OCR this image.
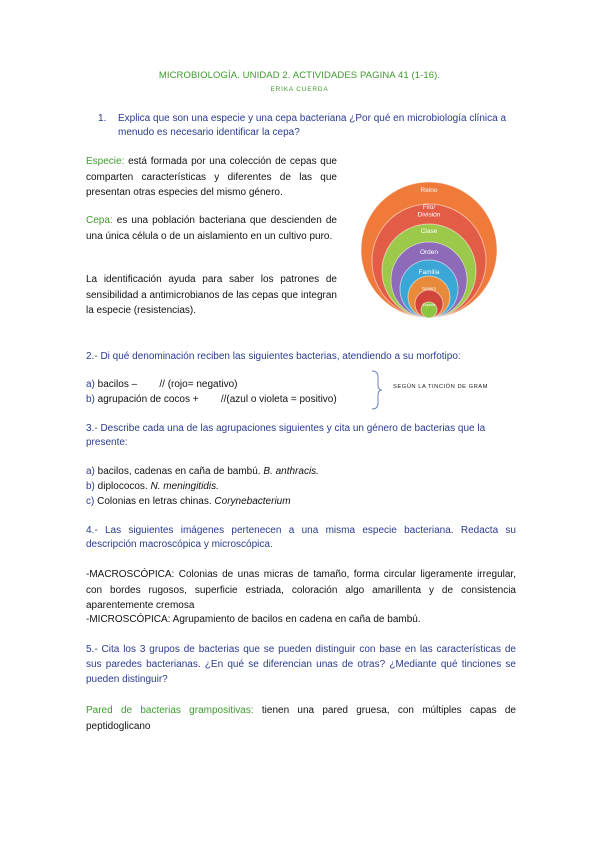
MICROBIOLOGÍA. UNIDAD 2. ACTIVIDADES PAGINA 41 (1-16).
ERIKA CUERDA
1.	Explica que son una especie y una cepa bacteriana ¿Por qué en microbiología clínica a menudo es necesario identificar la cepa?
Especie: está formada por una colección de cepas que comparten características y diferentes de las que presentan otras especies del mismo género.
Cepa: es una población bacteriana que descienden de una única célula o de un aislamiento en un cultivo puro.
La identificación ayuda para saber los patrones de sensibilidad a antimicrobianos de las cepas que integran la especie (resistencias).
Dominio
Reino
Filo/ División
Clase
Orden
Familia
Genero
Especie
2.- Di qué denominación reciben las siguientes bacterias, atendiendo a su morfotipo:
a) bacilos –        // (rojo= negativo)
b) agrupación de cocos +        //(azul o violeta = positivo)
SEGÚN LA TINCIÓN DE GRAM
3.- Describe cada una de las agrupaciones siguientes y cita un género de bacterias que la presente:
a) bacilos, cadenas en caña de bambú. B. anthracis.
b) diplococos. N. meningitidis.
c) Colonias en letras chinas. Corynebacterium
4.- Las siguientes imágenes pertenecen a una misma especie bacteriana. Redacta su descripción macroscópica y microscópica.
-MACROSCÓPICA: Colonias de unas micras de tamaño, forma circular ligeramente irregular, con bordes rugosos, superficie estriada, coloración algo amarillenta y de consistencia aparentemente cremosa
-MICROSCÓPICA: Agrupamiento de bacilos en cadena en caña de bambú.
5.- Cita los 3 grupos de bacterias que se pueden distinguir con base en las características de sus paredes bacterianas. ¿En qué se diferencian unas de otras? ¿Mediante qué tinciones se pueden distinguir?
Pared de bacterias grampositivas: tienen una pared gruesa, con múltiples capas de peptidoglicano
